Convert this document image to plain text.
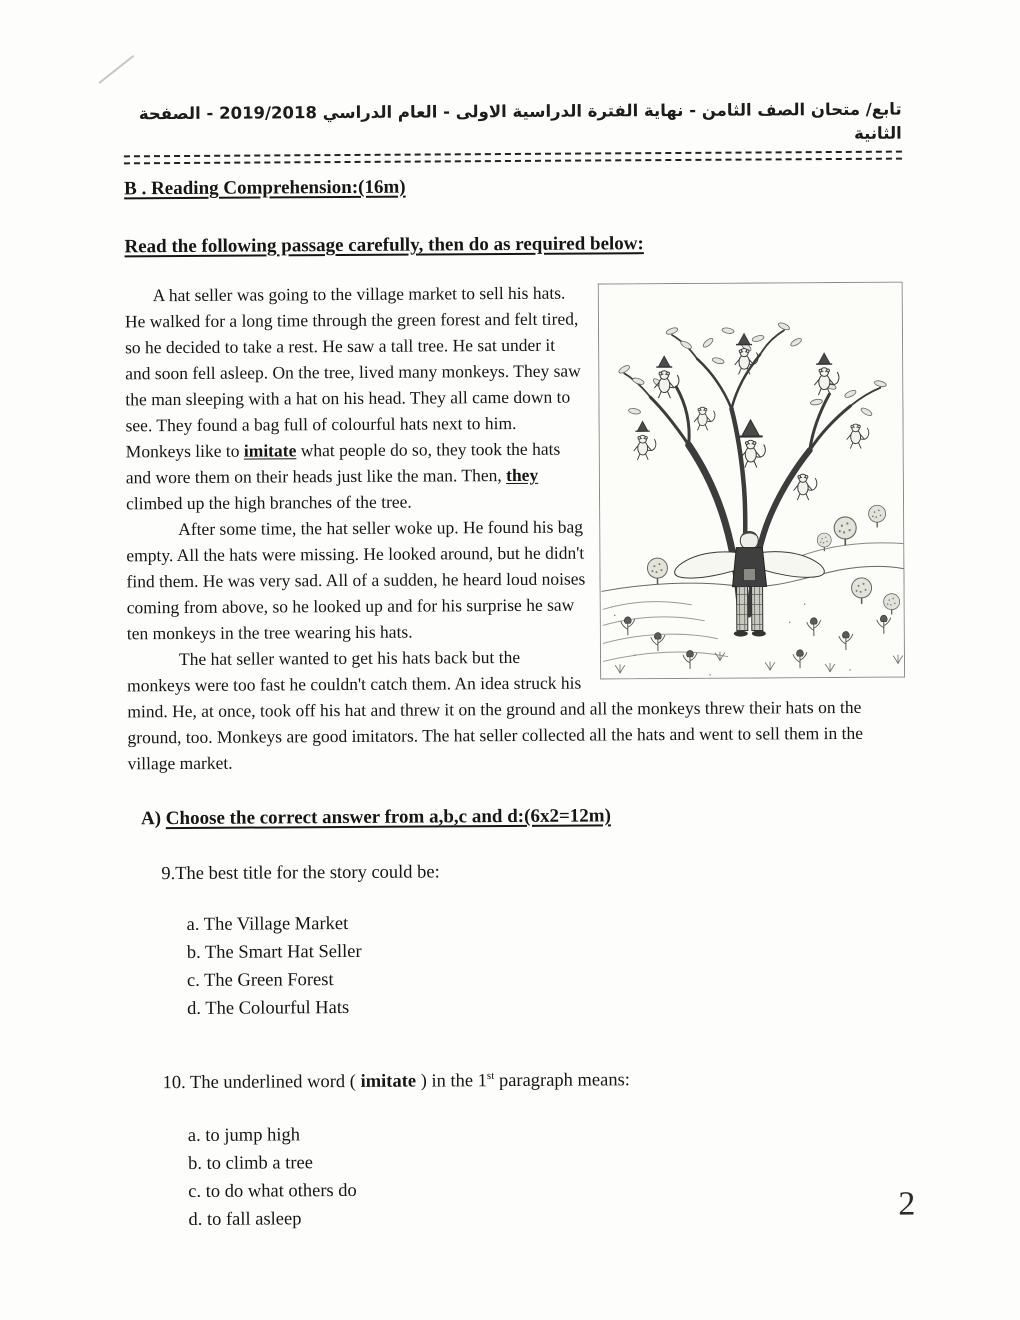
تابع/ متحان الصف الثامن - نهاية الفترة الدراسية الاولى - العام الدراسي 2019/2018 - الصفحة الثانية
B . Reading Comprehension:(16m)
Read the following passage carefully, then do as required below:

A hat seller was going to the village market to sell his hats. He walked for a long time through the green forest and felt tired, so he decided to take a rest. He saw a tall tree. He sat under it and soon fell asleep. On the tree, lived many monkeys. They saw the man sleeping with a hat on his head. They all came down to see. They found a bag full of colourful hats next to him. Monkeys like to imitate what people do so, they took the hats and wore them on their heads just like the man. Then, they climbed up the high branches of the tree.

After some time, the hat seller woke up. He found his bag empty. All the hats were missing. He looked around, but he didn't find them. He was very sad. All of a sudden, he heard loud noises coming from above, so he looked up and for his surprise he saw ten monkeys in the tree wearing his hats.

The hat seller wanted to get his hats back but the monkeys were too fast he couldn't catch them. An idea struck his mind. He, at once, took off his hat and threw it on the ground and all the monkeys threw their hats on the ground, too. Monkeys are good imitators. The hat seller collected all the hats and went to sell them in the village market.

A) Choose the correct answer from a,b,c and d:(6x2=12m)
9.The best title for the story could be:
a. The Village Market
b. The Smart Hat Seller
c. The Green Forest
d. The Colourful Hats
10. The underlined word ( imitate ) in the 1st paragraph means:
a. to jump high
b. to climb a tree
c. to do what others do
d. to fall asleep	2
